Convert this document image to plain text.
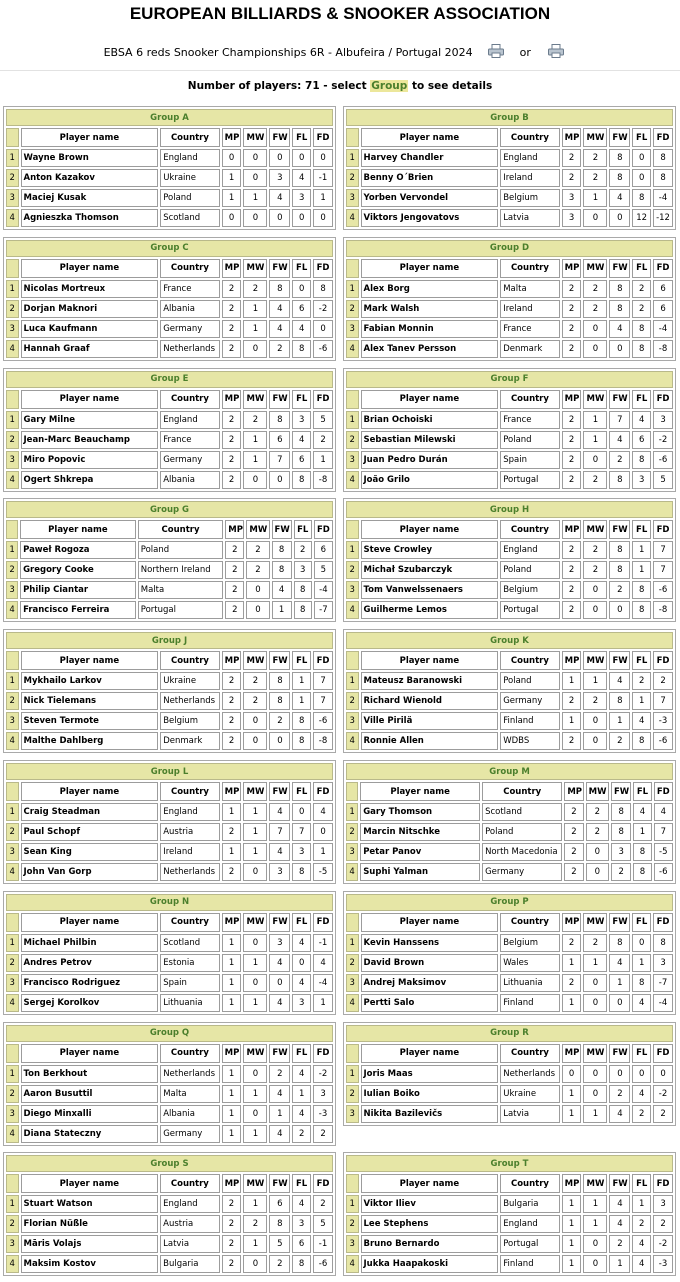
EUROPEAN BILLIARDS & SNOOKER ASSOCIATION
EBSA 6 reds Snooker Championships 6R - Albufeira / Portugal 2024	or
Number of players: 71 - select Group to see details
Group A							
	Player name	Country	MP	MW	FW	FL	FD
1	Wayne Brown	England	0	0	0	0	0
2	Anton Kazakov	Ukraine	1	0	3	4	-1
3	Maciej Kusak	Poland	1	1	4	3	1
4	Agnieszka Thomson	Scotland	0	0	0	0	0
Group B							
	Player name	Country	MP	MW	FW	FL	FD
1	Harvey Chandler	England	2	2	8	0	8
2	Benny O´Brien	Ireland	2	2	8	0	8
3	Yorben Vervondel	Belgium	3	1	4	8	-4
4	Viktors Jengovatovs	Latvia	3	0	0	12	-12
Group C							
	Player name	Country	MP	MW	FW	FL	FD
1	Nicolas Mortreux	France	2	2	8	0	8
2	Dorjan Maknori	Albania	2	1	4	6	-2
3	Luca Kaufmann	Germany	2	1	4	4	0
4	Hannah Graaf	Netherlands	2	0	2	8	-6
Group D							
	Player name	Country	MP	MW	FW	FL	FD
1	Alex Borg	Malta	2	2	8	2	6
2	Mark Walsh	Ireland	2	2	8	2	6
3	Fabian Monnin	France	2	0	4	8	-4
4	Alex Tanev Persson	Denmark	2	0	0	8	-8
Group E							
	Player name	Country	MP	MW	FW	FL	FD
1	Gary Milne	England	2	2	8	3	5
2	Jean-Marc Beauchamp	France	2	1	6	4	2
3	Miro Popovic	Germany	2	1	7	6	1
4	Ogert Shkrepa	Albania	2	0	0	8	-8
Group F							
	Player name	Country	MP	MW	FW	FL	FD
1	Brian Ochoiski	France	2	1	7	4	3
2	Sebastian Milewski	Poland	2	1	4	6	-2
3	Juan Pedro Durán	Spain	2	0	2	8	-6
4	João Grilo	Portugal	2	2	8	3	5
Group G							
	Player name	Country	MP	MW	FW	FL	FD
1	Paweł Rogoza	Poland	2	2	8	2	6
2	Gregory Cooke	Northern Ireland	2	2	8	3	5
3	Philip Ciantar	Malta	2	0	4	8	-4
4	Francisco Ferreira	Portugal	2	0	1	8	-7
Group H							
	Player name	Country	MP	MW	FW	FL	FD
1	Steve Crowley	England	2	2	8	1	7
2	Michał Szubarczyk	Poland	2	2	8	1	7
3	Tom Vanwelssenaers	Belgium	2	0	2	8	-6
4	Guilherme Lemos	Portugal	2	0	0	8	-8
Group J							
	Player name	Country	MP	MW	FW	FL	FD
1	Mykhailo Larkov	Ukraine	2	2	8	1	7
2	Nick Tielemans	Netherlands	2	2	8	1	7
3	Steven Termote	Belgium	2	0	2	8	-6
4	Malthe Dahlberg	Denmark	2	0	0	8	-8
Group K							
	Player name	Country	MP	MW	FW	FL	FD
1	Mateusz Baranowski	Poland	1	1	4	2	2
2	Richard Wienold	Germany	2	2	8	1	7
3	Ville Pirilä	Finland	1	0	1	4	-3
4	Ronnie Allen	WDBS	2	0	2	8	-6
Group L							
	Player name	Country	MP	MW	FW	FL	FD
1	Craig Steadman	England	1	1	4	0	4
2	Paul Schopf	Austria	2	1	7	7	0
3	Sean King	Ireland	1	1	4	3	1
4	John Van Gorp	Netherlands	2	0	3	8	-5
Group M							
	Player name	Country	MP	MW	FW	FL	FD
1	Gary Thomson	Scotland	2	2	8	4	4
2	Marcin Nitschke	Poland	2	2	8	1	7
3	Petar Panov	North Macedonia	2	0	3	8	-5
4	Suphi Yalman	Germany	2	0	2	8	-6
Group N							
	Player name	Country	MP	MW	FW	FL	FD
1	Michael Philbin	Scotland	1	0	3	4	-1
2	Andres Petrov	Estonia	1	1	4	0	4
3	Francisco Rodriguez	Spain	1	0	0	4	-4
4	Sergej Korolkov	Lithuania	1	1	4	3	1
Group P							
	Player name	Country	MP	MW	FW	FL	FD
1	Kevin Hanssens	Belgium	2	2	8	0	8
2	David Brown	Wales	1	1	4	1	3
3	Andrej Maksimov	Lithuania	2	0	1	8	-7
4	Pertti Salo	Finland	1	0	0	4	-4
Group Q							
	Player name	Country	MP	MW	FW	FL	FD
1	Ton Berkhout	Netherlands	1	0	2	4	-2
2	Aaron Busuttil	Malta	1	1	4	1	3
3	Diego Minxalli	Albania	1	0	1	4	-3
4	Diana Stateczny	Germany	1	1	4	2	2
Group R							
	Player name	Country	MP	MW	FW	FL	FD
1	Joris Maas	Netherlands	0	0	0	0	0
2	Iulian Boiko	Ukraine	1	0	2	4	-2
3	Nikita Bazilevičs	Latvia	1	1	4	2	2
Group S							
	Player name	Country	MP	MW	FW	FL	FD
1	Stuart Watson	England	2	1	6	4	2
2	Florian Nüßle	Austria	2	2	8	3	5
3	Māris Volajs	Latvia	2	1	5	6	-1
4	Maksim Kostov	Bulgaria	2	0	2	8	-6
Group T							
	Player name	Country	MP	MW	FW	FL	FD
1	Viktor Iliev	Bulgaria	1	1	4	1	3
2	Lee Stephens	England	1	1	4	2	2
3	Bruno Bernardo	Portugal	1	0	2	4	-2
4	Jukka Haapakoski	Finland	1	0	1	4	-3
